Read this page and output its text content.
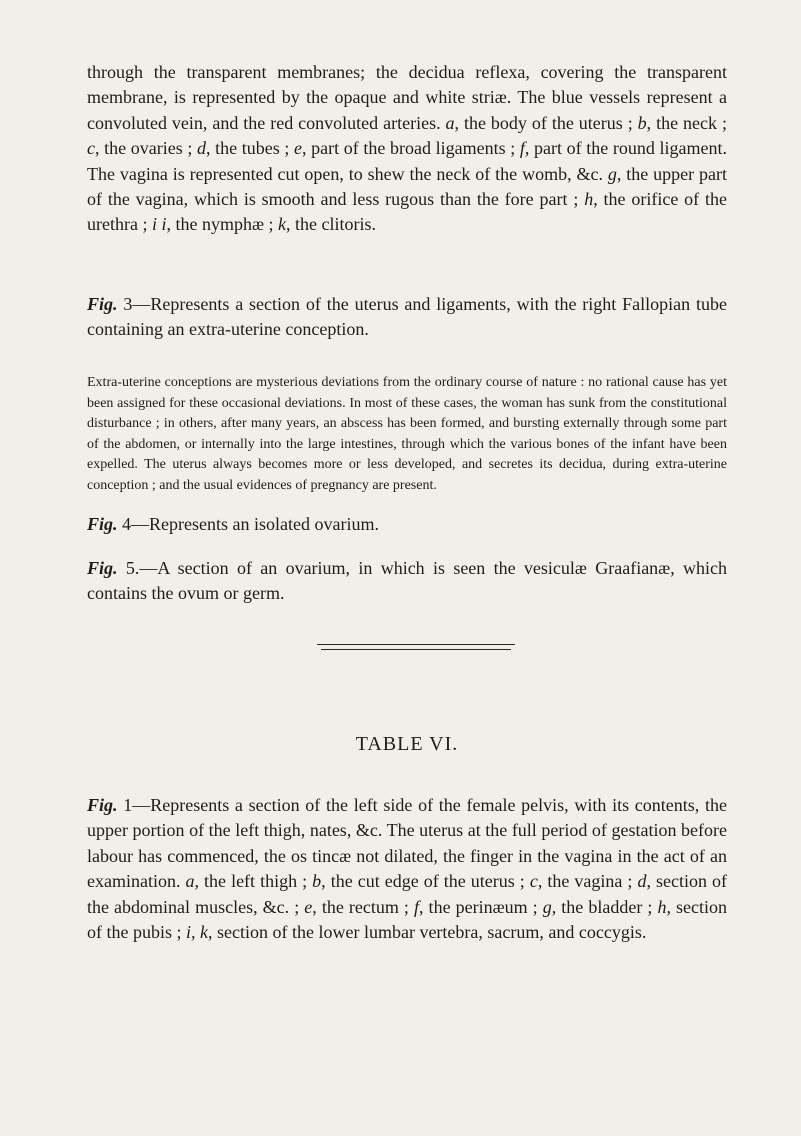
through the transparent membranes; the decidua reflexa, covering the transparent membrane, is represented by the opaque and white striæ. The blue vessels represent a convoluted vein, and the red convoluted arteries. a, the body of the uterus ; b, the neck ; c, the ovaries ; d, the tubes ; e, part of the broad ligaments ; f, part of the round ligament. The vagina is represented cut open, to shew the neck of the womb, &c. g, the upper part of the vagina, which is smooth and less rugous than the fore part ; h, the orifice of the urethra ; i i, the nymphæ ; k, the clitoris.

Fig. 3—Represents a section of the uterus and ligaments, with the right Fallopian tube containing an extra-uterine conception.

Extra-uterine conceptions are mysterious deviations from the ordinary course of nature : no rational cause has yet been assigned for these occasional deviations. In most of these cases, the woman has sunk from the constitutional disturbance ; in others, after many years, an abscess has been formed, and bursting externally through some part of the abdomen, or internally into the large intestines, through which the various bones of the infant have been expelled. The uterus always becomes more or less developed, and secretes its decidua, during extra-uterine conception ; and the usual evidences of pregnancy are present.

Fig. 4—Represents an isolated ovarium.

Fig. 5.—A section of an ovarium, in which is seen the vesiculæ Graafianæ, which contains the ovum or germ.

TABLE VI.

Fig. 1—Represents a section of the left side of the female pelvis, with its contents, the upper portion of the left thigh, nates, &c. The uterus at the full period of gestation before labour has commenced, the os tincæ not dilated, the finger in the vagina in the act of an examination. a, the left thigh ; b, the cut edge of the uterus ; c, the vagina ; d, section of the abdominal muscles, &c. ; e, the rectum ; f, the perinæum ; g, the bladder ; h, section of the pubis ; i, k, section of the lower lumbar vertebra, sacrum, and coccygis.
